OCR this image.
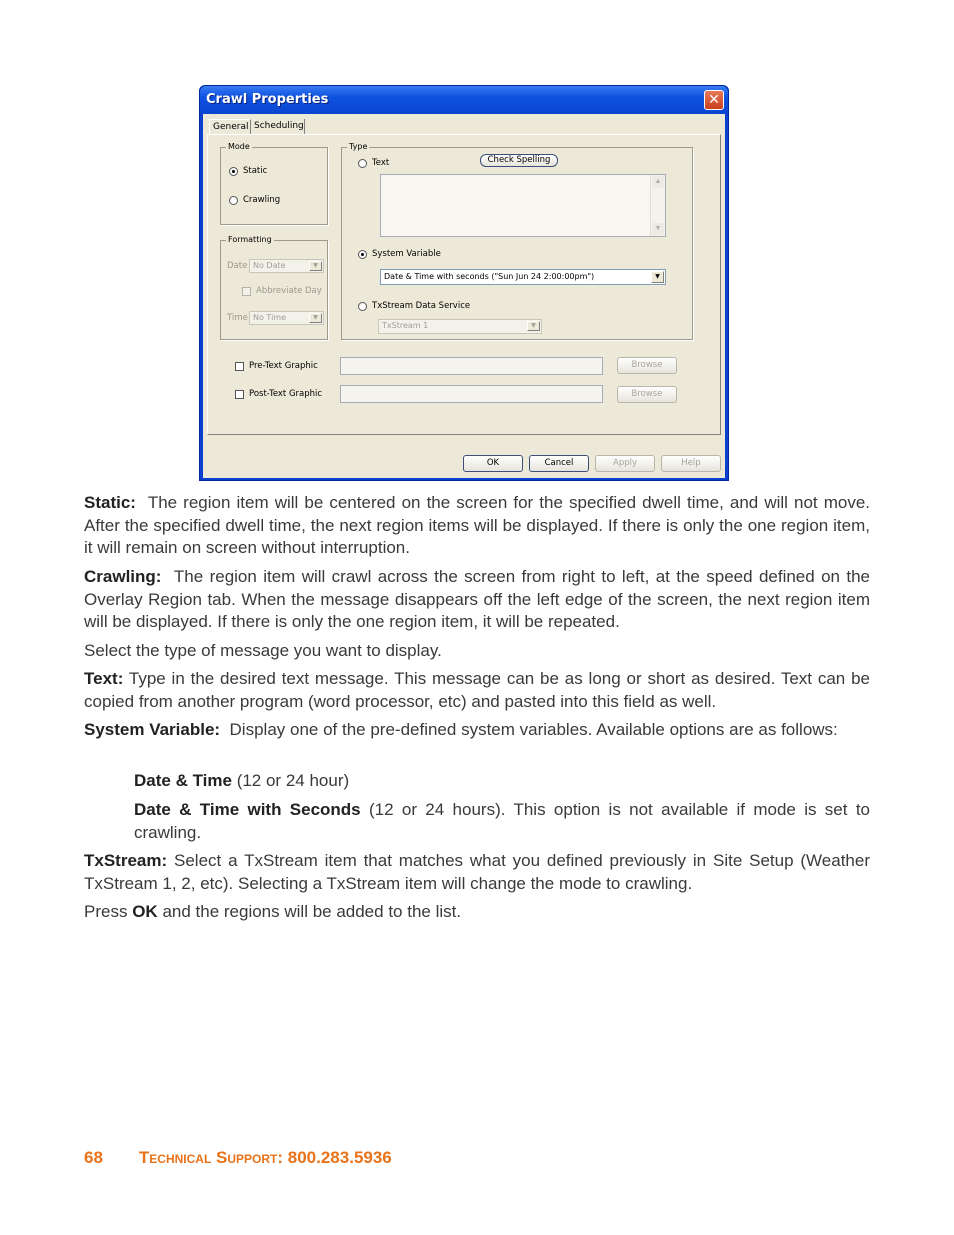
Crawl Properties	✕
General Scheduling
Mode
Static
Crawling
Formatting
Date No Date	▼
Abbreviate Day
Time No Time	▼
Type
Text	Check Spelling
▲
▼
System Variable
Date & Time with seconds ("Sun Jun 24 2:00:00pm")	▼
TxStream Data Service
TxStream 1	▼
Pre-Text Graphic	Browse
Post-Text Graphic	Browse
OK	Cancel	Apply	Help

Static: The region item will be centered on the screen for the specified dwell time, and will not move. After the specified dwell time, the next region items will be displayed. If there is only the one region item, it will remain on screen without interruption.

Crawling: The region item will crawl across the screen from right to left, at the speed defined on the Overlay Region tab. When the message disappears off the left edge of the screen, the next region item will be displayed. If there is only the one region item, it will be repeated.

Select the type of message you want to display.

Text: Type in the desired text message. This message can be as long or short as desired. Text can be copied from another program (word processor, etc) and pasted into this field as well.

System Variable: Display one of the pre-defined system variables. Available options are as follows:

Date & Time (12 or 24 hour)

Date & Time with Seconds (12 or 24 hours). This option is not available if mode is set to crawling.

TxStream: Select a TxStream item that matches what you defined previously in Site Setup (Weather TxStream 1, 2, etc). Selecting a TxStream item will change the mode to crawling.

Press OK and the regions will be added to the list.

68 Technical Support: 800.283.5936
